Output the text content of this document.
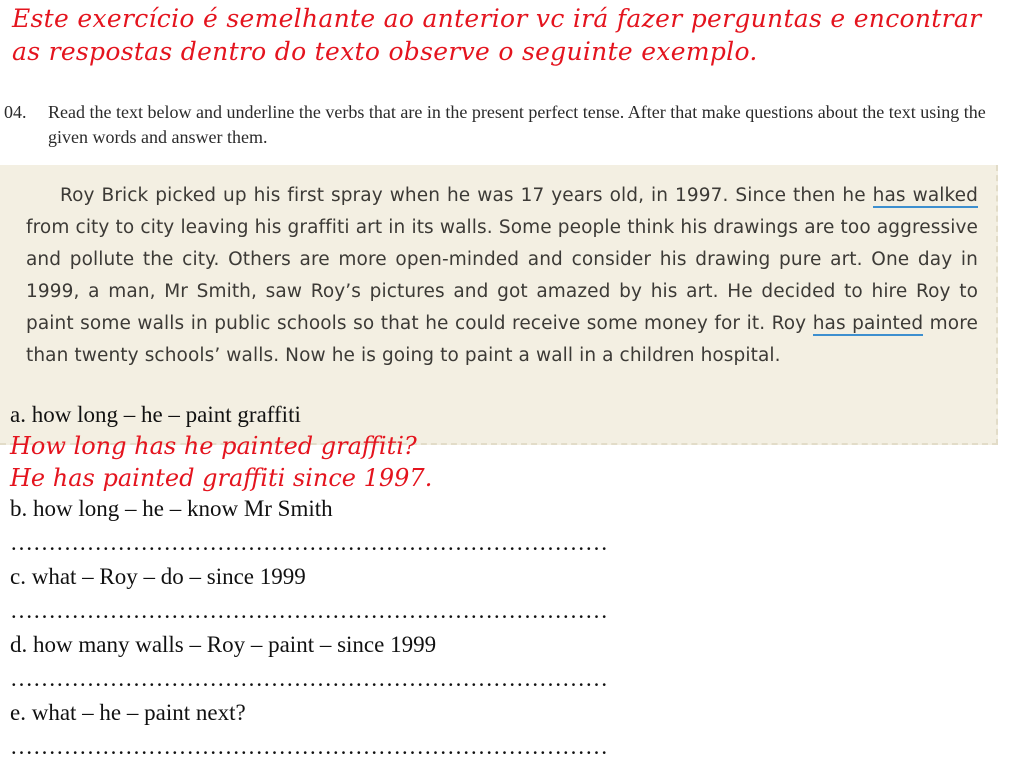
Este exercício é semelhante ao anterior vc irá fazer perguntas e encontrar as respostas dentro do texto observe o seguinte exemplo.
04. Read the text below and underline the verbs that are in the present perfect tense. After that make questions about the text using the given words and answer them.
Roy Brick picked up his first spray when he was 17 years old, in 1997. Since then he has walked from city to city leaving his graffiti art in its walls. Some people think his drawings are too aggressive and pollute the city. Others are more open-minded and consider his drawing pure art. One day in 1999, a man, Mr Smith, saw Roy’s pictures and got amazed by his art. He decided to hire Roy to paint some walls in public schools so that he could receive some money for it. Roy has painted more than twenty schools’ walls. Now he is going to paint a wall in a children hospital.
a. how long – he – paint graffiti
How long has he painted graffiti?
He has painted graffiti since 1997.
b. how long – he – know Mr Smith
……………………………………………………………………
c. what – Roy – do – since 1999
……………………………………………………………………
d. how many walls – Roy – paint – since 1999
……………………………………………………………………
e. what – he – paint next?
……………………………………………………………………
